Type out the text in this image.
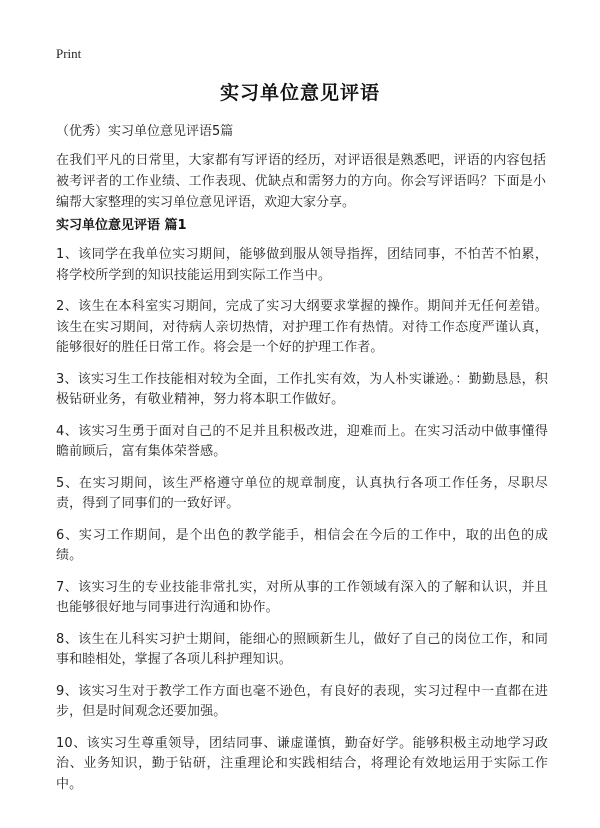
Print
实习单位意见评语
（优秀）实习单位意见评语5篇
在我们平凡的日常里，大家都有写评语的经历，对评语很是熟悉吧，评语的内容包括被考评者的工作业绩、工作表现、优缺点和需努力的方向。你会写评语吗？下面是小编帮大家整理的实习单位意见评语，欢迎大家分享。
实习单位意见评语 篇1
1、该同学在我单位实习期间，能够做到服从领导指挥，团结同事，不怕苦不怕累，将学校所学到的知识技能运用到实际工作当中。
2、该生在本科室实习期间，完成了实习大纲要求掌握的操作。期间并无任何差错。该生在实习期间，对待病人亲切热情，对护理工作有热情。对待工作态度严谨认真，能够很好的胜任日常工作。将会是一个好的护理工作者。
3、该实习生工作技能相对较为全面，工作扎实有效，为人朴实谦逊。：勤勤恳恳，积极钻研业务，有敬业精神，努力将本职工作做好。
4、该实习生勇于面对自己的不足并且积极改进，迎难而上。在实习活动中做事懂得瞻前顾后，富有集体荣誉感。
5、在实习期间，该生严格遵守单位的规章制度，认真执行各项工作任务，尽职尽责，得到了同事们的一致好评。
6、实习工作期间，是个出色的教学能手，相信会在今后的工作中，取的出色的成绩。
7、该实习生的专业技能非常扎实，对所从事的工作领域有深入的了解和认识，并且也能够很好地与同事进行沟通和协作。
8、该生在儿科实习护士期间，能细心的照顾新生儿，做好了自己的岗位工作，和同事和睦相处，掌握了各项儿科护理知识。
9、该实习生对于教学工作方面也毫不逊色，有良好的表现，实习过程中一直都在进步，但是时间观念还要加强。
10、该实习生尊重领导，团结同事、谦虚谨慎，勤奋好学。能够积极主动地学习政治、业务知识，勤于钻研，注重理论和实践相结合，将理论有效地运用于实际工作中。
